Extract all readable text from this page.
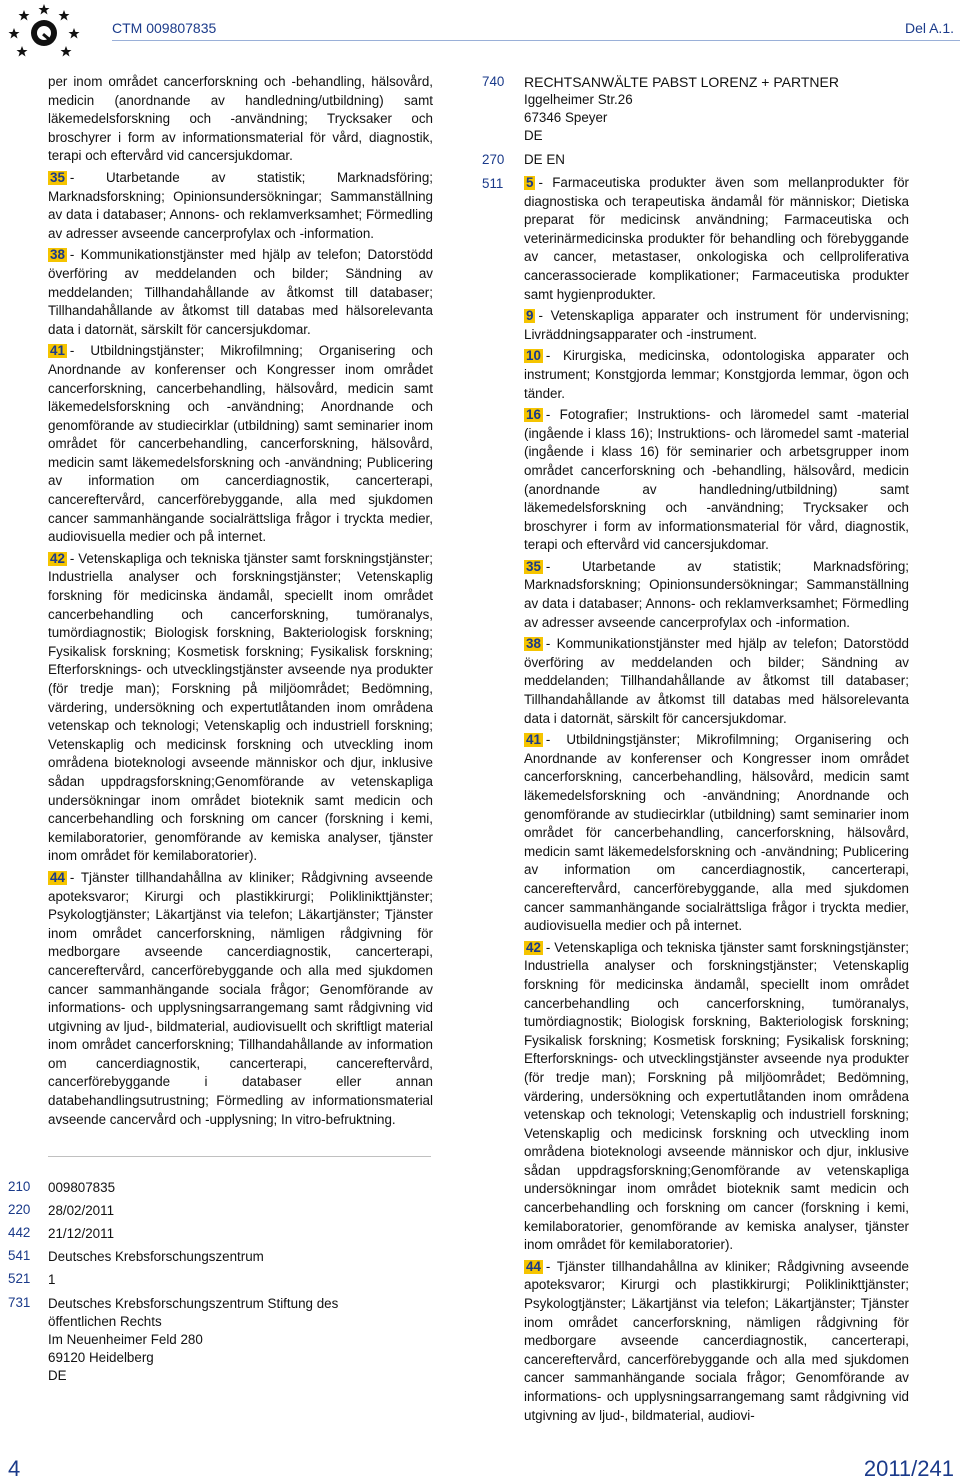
CTM 009807835	Del A.1.

per inom området cancerforskning och -behandling, hälsovård, medicin (anordnande av handledning/utbildning) samt läkemedelsforskning och -användning; Trycksaker och broschyrer i form av informationsmaterial för vård, diagnostik, terapi och eftervård vid cancersjukdomar.

35 - Utarbetande av statistik; Marknadsföring; Marknadsforskning; Opinionsundersökningar; Sammanställning av data i databaser; Annons- och reklamverksamhet; Förmedling av adresser avseende cancerprofylax och -information.

38 - Kommunikationstjänster med hjälp av telefon; Datorstödd överföring av meddelanden och bilder; Sändning av meddelanden; Tillhandahållande av åtkomst till databaser; Tillhandahållande av åtkomst till databas med hälsorelevanta data i datornät, särskilt för cancersjukdomar.

41 - Utbildningstjänster; Mikrofilmning; Organisering och Anordnande av konferenser och Kongresser inom området cancerforskning, cancerbehandling, hälsovård, medicin samt läkemedelsforskning och -användning; Anordnande och genomförande av studiecirklar (utbildning) samt seminarier inom området för cancerbehandling, cancerforskning, hälsovård, medicin samt läkemedelsforskning och -användning; Publicering av information om cancerdiagnostik, cancerterapi, cancereftervård, cancerförebyggande, alla med sjukdomen cancer sammanhängande socialrättsliga frågor i tryckta medier, audiovisuella medier och på internet.

42 - Vetenskapliga och tekniska tjänster samt forskningstjänster; Industriella analyser och forskningstjänster; Vetenskaplig forskning för medicinska ändamål, speciellt inom området cancerbehandling och cancerforskning, tumöranalys, tumördiagnostik; Biologisk forskning, Bakteriologisk forskning; Fysikalisk forskning; Kosmetisk forskning; Fysikalisk forskning; Efterforsknings- och utvecklingstjänster avseende nya produkter (för tredje man); Forskning på miljöområdet; Bedömning, värdering, undersökning och expertutlåtanden inom områdena vetenskap och teknologi; Vetenskaplig och industriell forskning; Vetenskaplig och medicinsk forskning och utveckling inom områdena bioteknologi avseende människor och djur, inklusive sådan uppdragsforskning;Genomförande av vetenskapliga undersökningar inom området bioteknik samt medicin och cancerbehandling och forskning om cancer (forskning i kemi, kemilaboratorier, genomförande av kemiska analyser, tjänster inom området för kemilaboratorier).

44 - Tjänster tillhandahållna av kliniker; Rådgivning avseende apoteksvaror; Kirurgi och plastikkirurgi; Poliklinikttjänster; Psykologtjänster; Läkartjänst via telefon; Läkartjänster; Tjänster inom området cancerforskning, nämligen rådgivning för medborgare avseende cancerdiagnostik, cancerterapi, cancereftervård, cancerförebyggande och alla med sjukdomen cancer sammanhängande sociala frågor; Genomförande av informations- och upplysningsarrangemang samt rådgivning vid utgivning av ljud-, bildmaterial, audiovisuellt och skriftligt material inom området cancerforskning; Tillhandahållande av information om cancerdiagnostik, cancerterapi, cancereftervård, cancerförebyggande i databaser eller annan databehandlingsutrustning; Förmedling av informationsmaterial avseende cancervård och -upplysning; In vitro-befruktning.

210	009807835
220	28/02/2011
442	21/12/2011
541	Deutsches Krebsforschungszentrum
521	1
731	Deutsches Krebsforschungszentrum Stiftung des
öffentlichen Rechts
Im Neuenheimer Feld 280
69120 Heidelberg
DE
740	RECHTSANWÄLTE PABST LORENZ + PARTNER
Iggelheimer Str.26
67346 Speyer
DE
270	DE EN
511	5 - Farmaceutiska produkter även som mellanprodukter för diagnostiska och terapeutiska ändamål för människor; Dietiska preparat för medicinsk användning; Farmaceutiska och veterinärmedicinska produkter för behandling och förebyggande av cancer, metastaser, onkologiska och cellproliferativa cancerassocierade komplikationer; Farmaceutiska produkter samt hygienprodukter.

9 - Vetenskapliga apparater och instrument för undervisning; Livräddningsapparater och -instrument.

10 - Kirurgiska, medicinska, odontologiska apparater och instrument; Konstgjorda lemmar; Konstgjorda lemmar, ögon och tänder.

16 - Fotografier; Instruktions- och läromedel samt -material (ingående i klass 16); Instruktions- och läromedel samt -material (ingående i klass 16) för seminarier och arbetsgrupper inom området cancerforskning och -behandling, hälsovård, medicin (anordnande av handledning/utbildning) samt läkemedelsforskning och -användning; Trycksaker och broschyrer i form av informationsmaterial för vård, diagnostik, terapi och eftervård vid cancersjukdomar.

35 - Utarbetande av statistik; Marknadsföring; Marknadsforskning; Opinionsundersökningar; Sammanställning av data i databaser; Annons- och reklamverksamhet; Förmedling av adresser avseende cancerprofylax och -information.

38 - Kommunikationstjänster med hjälp av telefon; Datorstödd överföring av meddelanden och bilder; Sändning av meddelanden; Tillhandahållande av åtkomst till databaser; Tillhandahållande av åtkomst till databas med hälsorelevanta data i datornät, särskilt för cancersjukdomar.

41 - Utbildningstjänster; Mikrofilmning; Organisering och Anordnande av konferenser och Kongresser inom området cancerforskning, cancerbehandling, hälsovård, medicin samt läkemedelsforskning och -användning; Anordnande och genomförande av studiecirklar (utbildning) samt seminarier inom området för cancerbehandling, cancerforskning, hälsovård, medicin samt läkemedelsforskning och -användning; Publicering av information om cancerdiagnostik, cancerterapi, cancereftervård, cancerförebyggande, alla med sjukdomen cancer sammanhängande socialrättsliga frågor i tryckta medier, audiovisuella medier och på internet.

42 - Vetenskapliga och tekniska tjänster samt forskningstjänster; Industriella analyser och forskningstjänster; Vetenskaplig forskning för medicinska ändamål, speciellt inom området cancerbehandling och cancerforskning, tumöranalys, tumördiagnostik; Biologisk forskning, Bakteriologisk forskning; Fysikalisk forskning; Kosmetisk forskning; Fysikalisk forskning; Efterforsknings- och utvecklingstjänster avseende nya produkter (för tredje man); Forskning på miljöområdet; Bedömning, värdering, undersökning och expertutlåtanden inom områdena vetenskap och teknologi; Vetenskaplig och industriell forskning; Vetenskaplig och medicinsk forskning och utveckling inom områdena bioteknologi avseende människor och djur, inklusive sådan uppdragsforskning;Genomförande av vetenskapliga undersökningar inom området bioteknik samt medicin och cancerbehandling och forskning om cancer (forskning i kemi, kemilaboratorier, genomförande av kemiska analyser, tjänster inom området för kemilaboratorier).

44 - Tjänster tillhandahållna av kliniker; Rådgivning avseende apoteksvaror; Kirurgi och plastikkirurgi; Poliklinikttjänster; Psykologtjänster; Läkartjänst via telefon; Läkartjänster; Tjänster inom området cancerforskning, nämligen rådgivning för medborgare avseende cancerdiagnostik, cancerterapi, cancereftervård, cancerförebyggande och alla med sjukdomen cancer sammanhängande sociala frågor; Genomförande av informations- och upplysningsarrangemang samt rådgivning vid utgivning av ljud-, bildmaterial, audiovi-

4	2011/241
